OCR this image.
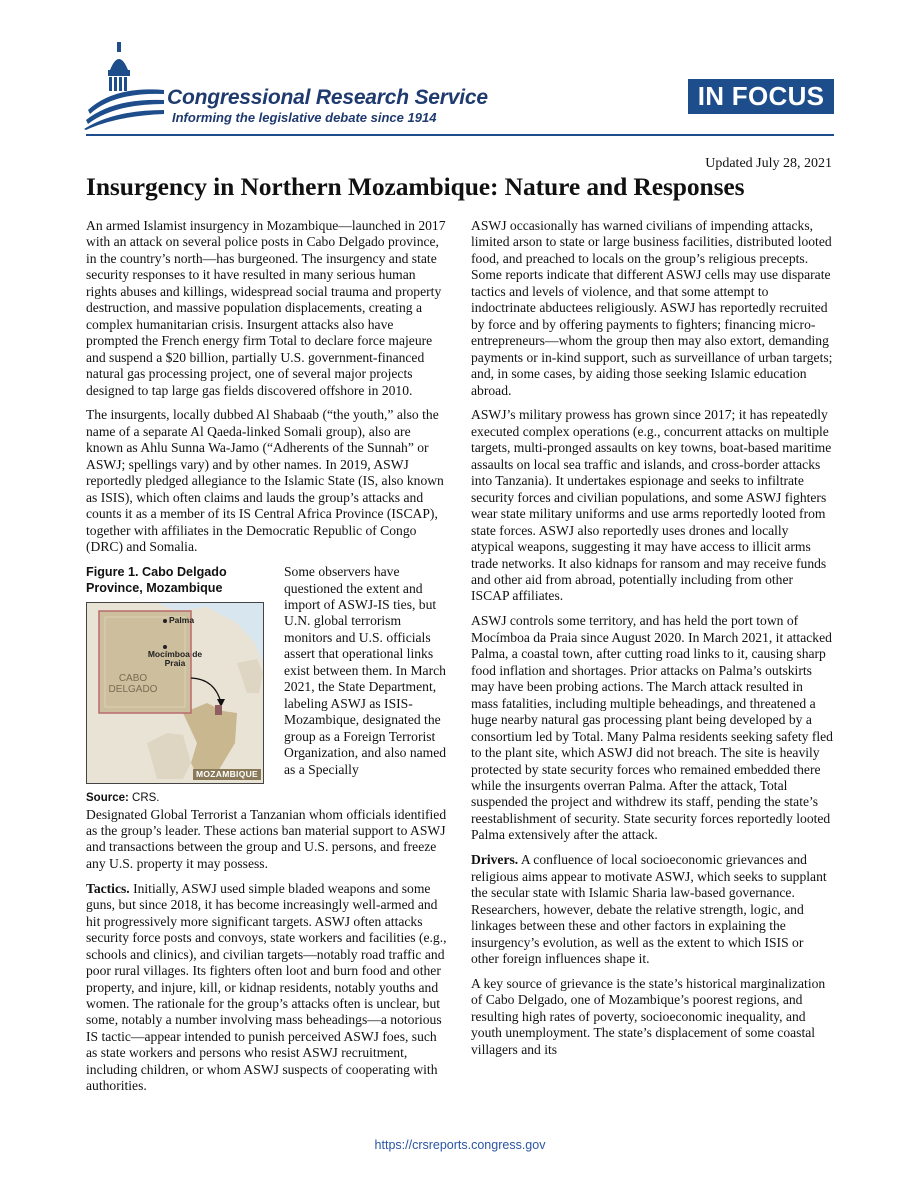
Congressional Research Service
Informing the legislative debate since 1914
IN FOCUS
Updated July 28, 2021
Insurgency in Northern Mozambique: Nature and Responses

An armed Islamist insurgency in Mozambique—launched in 2017 with an attack on several police posts in Cabo Delgado province, in the country’s north—has burgeoned. The insurgency and state security responses to it have resulted in many serious human rights abuses and killings, widespread social trauma and property destruction, and massive population displacements, creating a complex humanitarian crisis. Insurgent attacks also have prompted the French energy firm Total to declare force majeure and suspend a $20 billion, partially U.S. government-financed natural gas processing project, one of several major projects designed to tap large gas fields discovered offshore in 2010.

The insurgents, locally dubbed Al Shabaab (“the youth,” also the name of a separate Al Qaeda-linked Somali group), also are known as Ahlu Sunna Wa-Jamo (“Adherents of the Sunnah” or ASWJ; spellings vary) and by other names. In 2019, ASWJ reportedly pledged allegiance to the Islamic State (IS, also known as ISIS), which often claims and lauds the group’s attacks and counts it as a member of its IS Central Africa Province (ISCAP), together with affiliates in the Democratic Republic of Congo (DRC) and Somalia.

Figure 1. Cabo Delgado Province, Mozambique
Palma
Mocímboa de Praia
CABO DELGADO
MOZAMBIQUE
Source: CRS.
Some observers have questioned the extent and import of ASWJ-IS ties, but U.N. global terrorism monitors and U.S. officials assert that operational links exist between them. In March 2021, the State Department, labeling ASWJ as ISIS-Mozambique, designated the group as a Foreign Terrorist Organization, and also named as a Specially

Designated Global Terrorist a Tanzanian whom officials identified as the group’s leader. These actions ban material support to ASWJ and transactions between the group and U.S. persons, and freeze any U.S. property it may possess.

Tactics. Initially, ASWJ used simple bladed weapons and some guns, but since 2018, it has become increasingly well-armed and hit progressively more significant targets. ASWJ often attacks security force posts and convoys, state workers and facilities (e.g., schools and clinics), and civilian targets—notably road traffic and poor rural villages. Its fighters often loot and burn food and other property, and injure, kill, or kidnap residents, notably youths and women. The rationale for the group’s attacks often is unclear, but some, notably a number involving mass beheadings—a notorious IS tactic—appear intended to punish perceived ASWJ foes, such as state workers and persons who resist ASWJ recruitment, including children, or whom ASWJ suspects of cooperating with authorities.

ASWJ occasionally has warned civilians of impending attacks, limited arson to state or large business facilities, distributed looted food, and preached to locals on the group’s religious precepts. Some reports indicate that different ASWJ cells may use disparate tactics and levels of violence, and that some attempt to indoctrinate abductees religiously. ASWJ has reportedly recruited by force and by offering payments to fighters; financing micro-entrepreneurs—whom the group then may also extort, demanding payments or in-kind support, such as surveillance of urban targets; and, in some cases, by aiding those seeking Islamic education abroad.

ASWJ’s military prowess has grown since 2017; it has repeatedly executed complex operations (e.g., concurrent attacks on multiple targets, multi-pronged assaults on key towns, boat-based maritime assaults on local sea traffic and islands, and cross-border attacks into Tanzania). It undertakes espionage and seeks to infiltrate security forces and civilian populations, and some ASWJ fighters wear state military uniforms and use arms reportedly looted from state forces. ASWJ also reportedly uses drones and locally atypical weapons, suggesting it may have access to illicit arms trade networks. It also kidnaps for ransom and may receive funds and other aid from abroad, potentially including from other ISCAP affiliates.

ASWJ controls some territory, and has held the port town of Mocímboa da Praia since August 2020. In March 2021, it attacked Palma, a coastal town, after cutting road links to it, causing sharp food inflation and shortages. Prior attacks on Palma’s outskirts may have been probing actions. The March attack resulted in mass fatalities, including multiple beheadings, and threatened a huge nearby natural gas processing plant being developed by a consortium led by Total. Many Palma residents seeking safety fled to the plant site, which ASWJ did not breach. The site is heavily protected by state security forces who remained embedded there while the insurgents overran Palma. After the attack, Total suspended the project and withdrew its staff, pending the state’s reestablishment of security. State security forces reportedly looted Palma extensively after the attack.

Drivers. A confluence of local socioeconomic grievances and religious aims appear to motivate ASWJ, which seeks to supplant the secular state with Islamic Sharia law-based governance. Researchers, however, debate the relative strength, logic, and linkages between these and other factors in explaining the insurgency’s evolution, as well as the extent to which ISIS or other foreign influences shape it.

A key source of grievance is the state’s historical marginalization of Cabo Delgado, one of Mozambique’s poorest regions, and resulting high rates of poverty, socioeconomic inequality, and youth unemployment. The state’s displacement of some coastal villagers and its

https://crsreports.congress.gov
